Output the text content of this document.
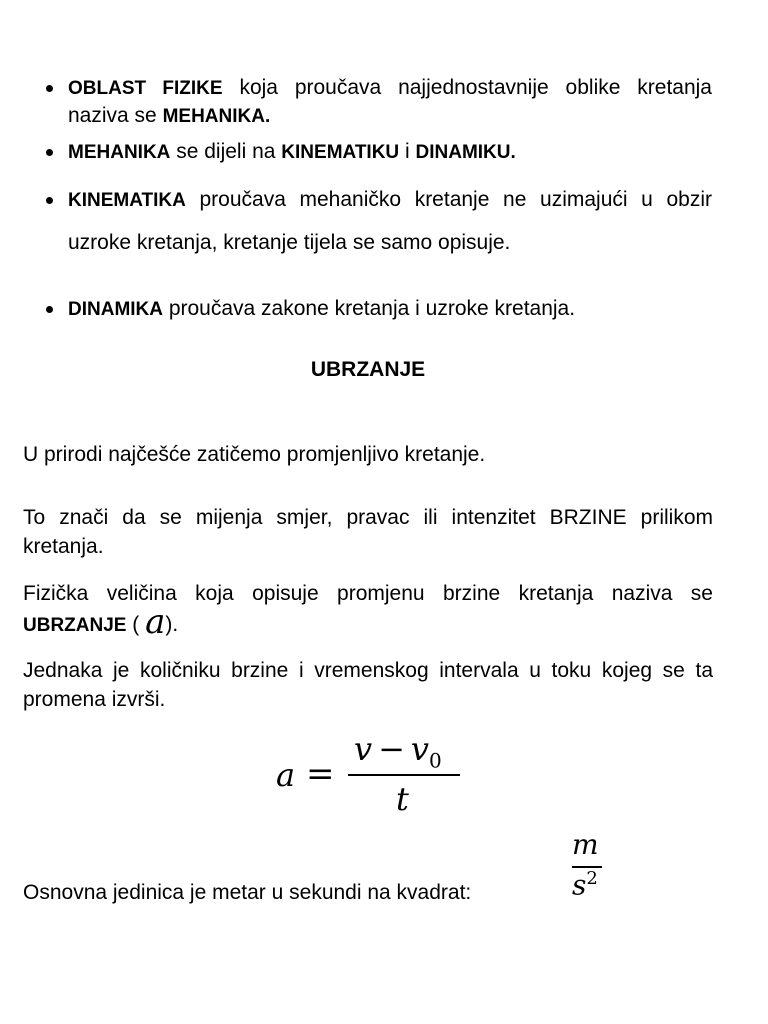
OBLAST FIZIKE koja proučava najjednostavnije oblike kretanja naziva se MEHANIKA.
MEHANIKA se dijeli na KINEMATIKU i DINAMIKU.
KINEMATIKA proučava mehaničko kretanje ne uzimajući u obzir uzroke kretanja, kretanje tijela se samo opisuje.
DINAMIKA proučava zakone kretanja i uzroke kretanja.
UBRZANJE

U prirodi najčešće zatičemo promjenljivo kretanje.

To znači da se mijenja smjer, pravac ili intenzitet BRZINE prilikom kretanja.

Fizička veličina koja opisuje promjenu brzine kretanja naziva se UBRZANJE ( a).

Jednaka je količniku brzine i vremenskog intervala u toku kojeg se ta promena izvrši.

a =
$v - v_0$
t
Osnovna jedinica je metar u sekundi na kvadrat:
m
$s^2$
